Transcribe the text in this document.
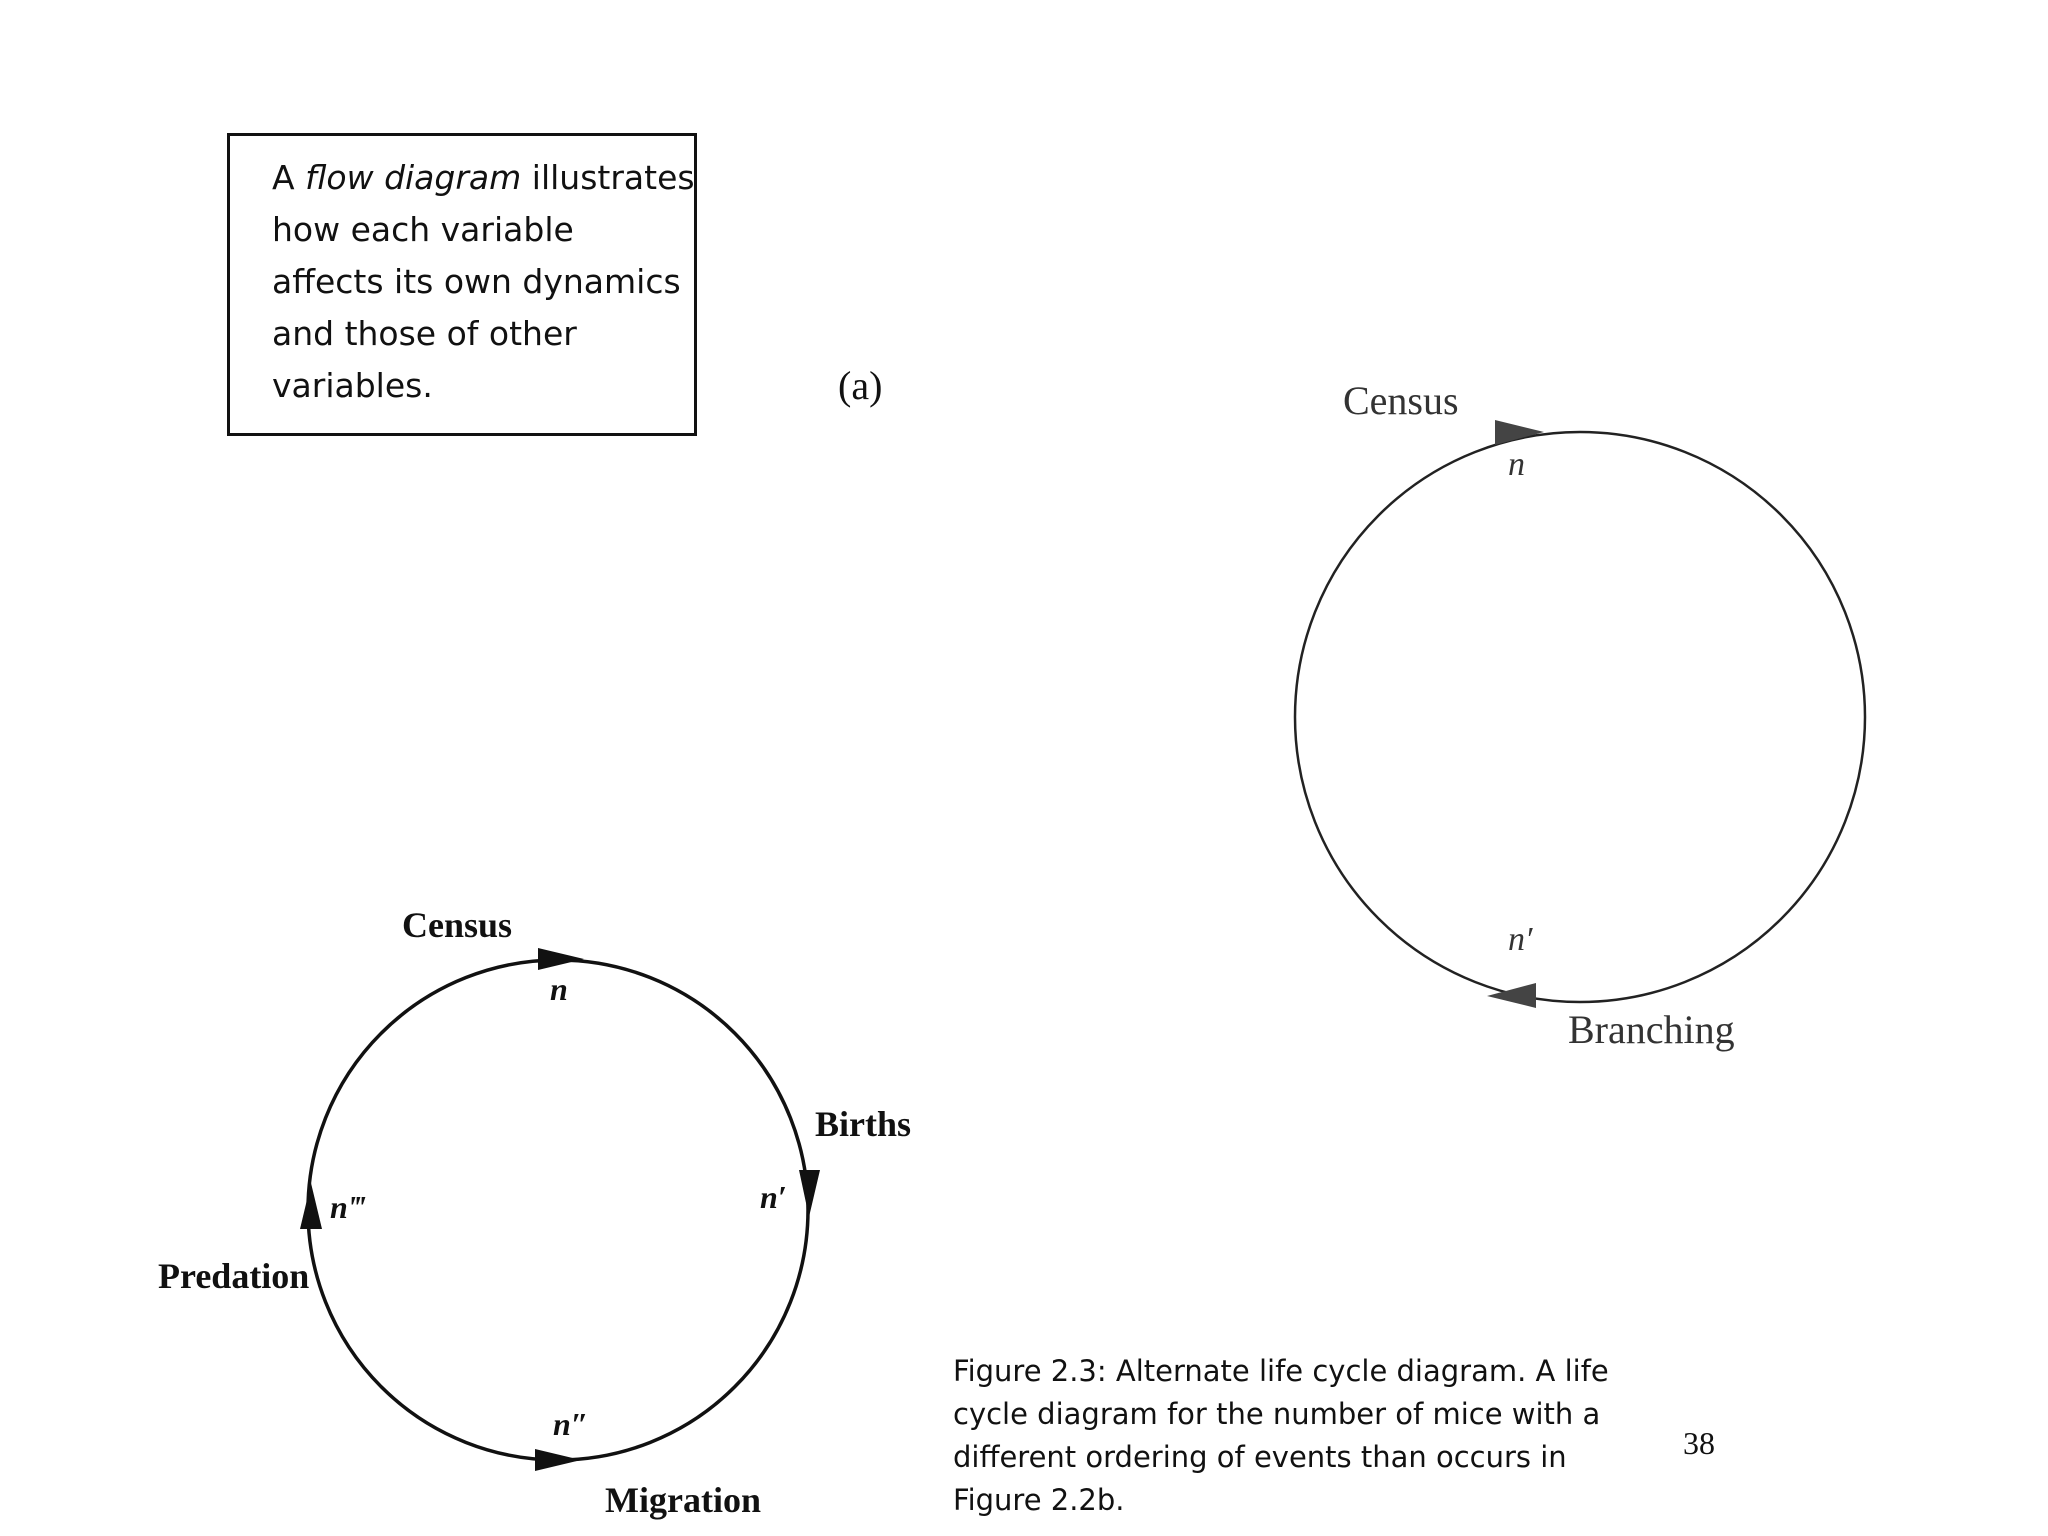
A flow diagram illustrates
how each variable
affects its own dynamics
and those of other
variables.	(a)	Census
n
n′
Branching
Census
n
Births
n′
n″
Migration
n‴
Predation
Figure 2.3: Alternate life cycle diagram. A life
cycle diagram for the number of mice with a
different ordering of events than occurs in
Figure 2.2b.
38
